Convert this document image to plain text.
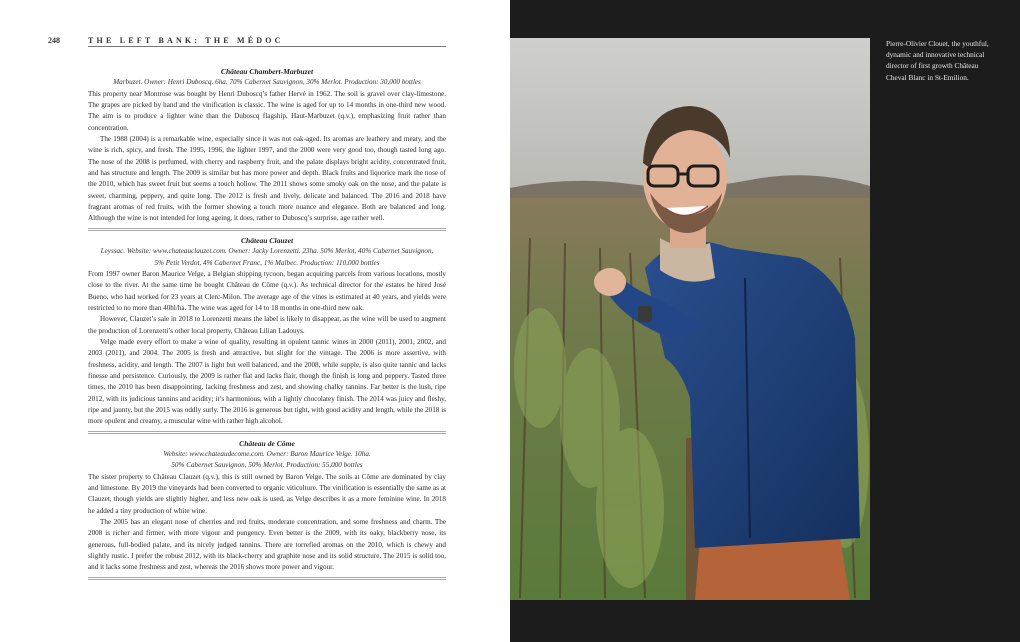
248	THE LEFT BANK: THE MÉDOC

Château Chambert-Marbuzet

Marbuzet. Owner: Henri Duboscq. 6ha. 70% Cabernet Sauvignon, 30% Merlot. Production: 30,000 bottles

This property near Montrose was bought by Henri Duboscq’s father Hervé in 1962. The soil is gravel over clay-limestone. The grapes are picked by hand and the vinification is classic. The wine is aged for up to 14 months in one-third new wood. The aim is to produce a lighter wine than the Duboscq flagship, Haut-Marbuzet (q.v.), emphasizing fruit rather than concentration.

The 1988 (2004) is a remarkable wine, especially since it was not oak-aged. Its aromas are leathery and meaty, and the wine is rich, spicy, and fresh. The 1995, 1996, the lighter 1997, and the 2000 were very good too, though tasted long ago. The nose of the 2008 is perfumed, with cherry and raspberry fruit, and the palate displays bright acidity, concentrated fruit, and has structure and length. The 2009 is similar but has more power and depth. Black fruits and liquorice mark the nose of the 2010, which has sweet fruit but seems a touch hollow. The 2011 shows some smoky oak on the nose, and the palate is sweet, charming, peppery, and quite long. The 2012 is fresh and lively, delicate and balanced. The 2016 and 2018 have fragrant aromas of red fruits, with the former showing a touch more nuance and elegance. Both are balanced and long. Although the wine is not intended for long ageing, it does, rather to Duboscq’s surprise, age rather well.

Château Clauzet

Leyssac. Website: www.chateauclauzet.com. Owner: Jacky Lorenzetti. 23ha. 50% Merlot, 40% Cabernet Sauvignon,

5% Petit Verdot, 4% Cabernet Franc, 1% Malbec. Production: 110,000 bottles

From 1997 owner Baron Maurice Velge, a Belgian shipping tycoon, began acquiring parcels from various locations, mostly close to the river. At the same time he bought Château de Côme (q.v.). As technical director for the estates he hired José Bueno, who had worked for 23 years at Clerc-Milon. The average age of the vines is estimated at 40 years, and yields were restricted to no more than 40hl/ha. The wine was aged for 14 to 18 months in one-third new oak.

However, Clauzet’s sale in 2018 to Lorenzetti means the label is likely to disappear, as the wine will be used to augment the production of Lorenzetti’s other local property, Château Lilian Ladouys.

Velge made every effort to make a wine of quality, resulting in opulent tannic wines in 2000 (2011), 2001, 2002, and 2003 (2011), and 2004. The 2005 is fresh and attractive, but slight for the vintage. The 2006 is more assertive, with freshness, acidity, and length. The 2007 is light but well balanced, and the 2008, while supple, is also quite tannic and lacks finesse and persistence. Curiously, the 2009 is rather flat and lacks flair, though the finish is long and peppery. Tasted three times, the 2010 has been disappointing, lacking freshness and zest, and showing chalky tannins. Far better is the lush, ripe 2012, with its judicious tannins and acidity; it’s harmonious, with a lightly chocolatey finish. The 2014 was juicy and fleshy, ripe and jaunty, but the 2015 was oddly surly. The 2016 is generous but tight, with good acidity and length, while the 2018 is more opulent and creamy, a muscular wine with rather high alcohol.

Château de Côme

Website: www.chateaudecome.com. Owner: Baron Maurice Velge. 10ha.

50% Cabernet Sauvignon, 50% Merlot. Production: 55,000 bottles

The sister property to Château Clauzet (q.v.), this is still owned by Baron Velge. The soils at Côme are dominated by clay and limestone. By 2019 the vineyards had been converted to organic viticulture. The vinification is essentially the same as at Clauzet, though yields are slightly higher, and less new oak is used, as Velge describes it as a more feminine wine. In 2018 he added a tiny production of white wine.

The 2005 has an elegant nose of cherries and red fruits, moderate concentration, and some freshness and charm. The 2008 is richer and firmer, with more vigour and pungency. Even better is the 2009, with its oaky, blackberry nose, its generous, full-bodied palate, and its nicely judged tannins. There are torrefied aromas on the 2010, which is chewy and slightly rustic. I prefer the robust 2012, with its black-cherry and graphite nose and its solid structure. The 2015 is solid too, and it lacks some freshness and zest, whereas the 2016 shows more power and vigour.

Pierre-Olivier Clouet, the youthful, dynamic and innovative technical director of first growth Château Cheval Blanc in St-Emilion.
